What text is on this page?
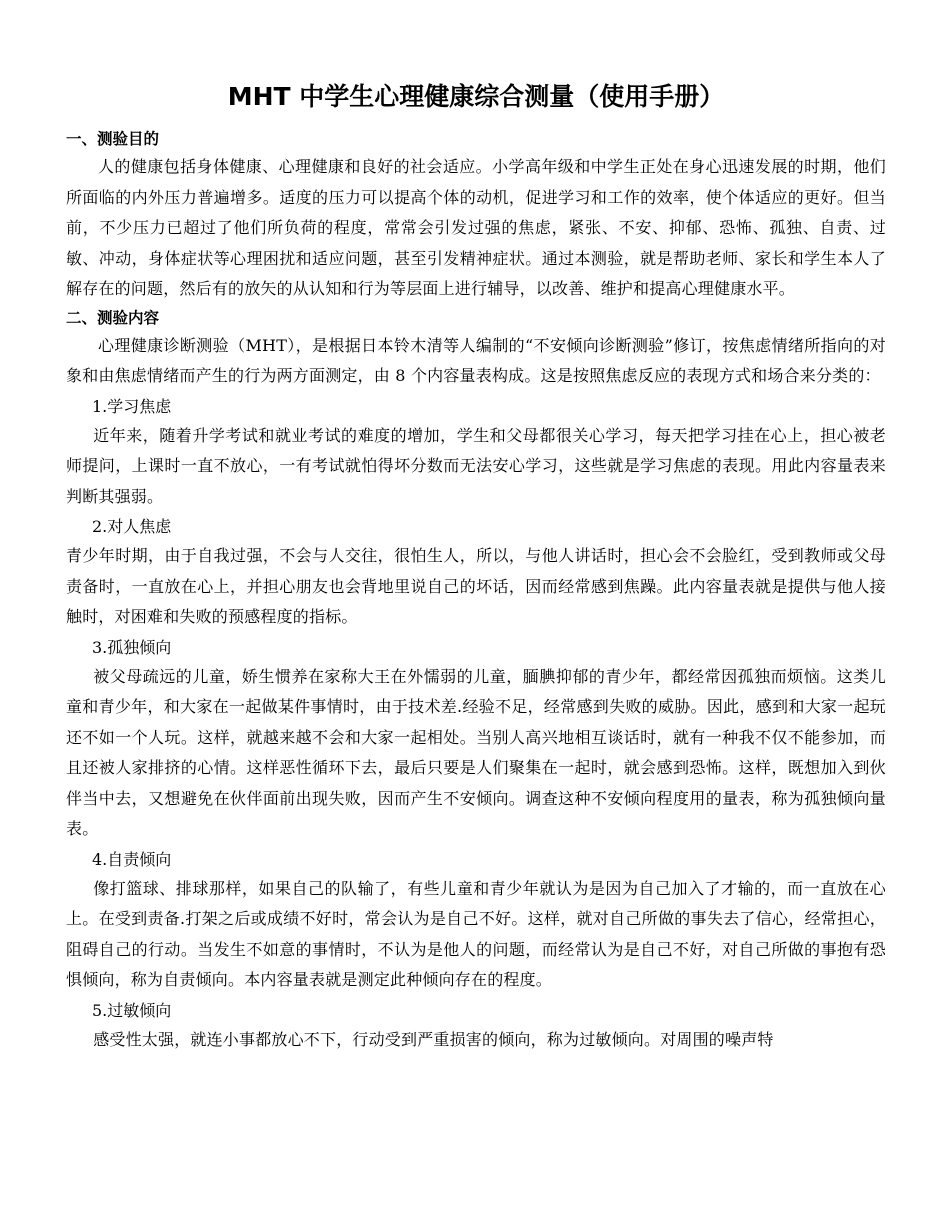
MHT 中学生心理健康综合测量（使用手册）
一、测验目的

人的健康包括身体健康、心理健康和良好的社会适应。小学高年级和中学生正处在身心迅速发展的时期，他们所面临的内外压力普遍增多。适度的压力可以提高个体的动机，促进学习和工作的效率，使个体适应的更好。但当前，不少压力已超过了他们所负荷的程度，常常会引发过强的焦虑，紧张、不安、抑郁、恐怖、孤独、自责、过敏、冲动，身体症状等心理困扰和适应问题，甚至引发精神症状。通过本测验，就是帮助老师、家长和学生本人了解存在的问题，然后有的放矢的从认知和行为等层面上进行辅导，以改善、维护和提高心理健康水平。

二、测验内容

心理健康诊断测验（MHT），是根据日本铃木清等人编制的“不安倾向诊断测验”修订，按焦虑情绪所指向的对象和由焦虑情绪而产生的行为两方面测定，由 8 个内容量表构成。这是按照焦虑反应的表现方式和场合来分类的：

1.学习焦虑

近年来，随着升学考试和就业考试的难度的增加，学生和父母都很关心学习，每天把学习挂在心上，担心被老师提问，上课时一直不放心，一有考试就怕得坏分数而无法安心学习，这些就是学习焦虑的表现。用此内容量表来判断其强弱。

2.对人焦虑

青少年时期，由于自我过强，不会与人交往，很怕生人，所以，与他人讲话时，担心会不会脸红，受到教师或父母责备时，一直放在心上，并担心朋友也会背地里说自己的坏话，因而经常感到焦躁。此内容量表就是提供与他人接触时，对困难和失败的预感程度的指标。

3.孤独倾向

被父母疏远的儿童，娇生惯养在家称大王在外懦弱的儿童，腼腆抑郁的青少年，都经常因孤独而烦恼。这类儿童和青少年，和大家在一起做某件事情时，由于技术差.经验不足，经常感到失败的威胁。因此，感到和大家一起玩还不如一个人玩。这样，就越来越不会和大家一起相处。当别人高兴地相互谈话时，就有一种我不仅不能参加，而且还被人家排挤的心情。这样恶性循环下去，最后只要是人们聚集在一起时，就会感到恐怖。这样，既想加入到伙伴当中去，又想避免在伙伴面前出现失败，因而产生不安倾向。调查这种不安倾向程度用的量表，称为孤独倾向量表。

4.自责倾向

像打篮球、排球那样，如果自己的队输了，有些儿童和青少年就认为是因为自己加入了才输的，而一直放在心上。在受到责备.打架之后或成绩不好时，常会认为是自己不好。这样，就对自己所做的事失去了信心，经常担心，阻碍自己的行动。当发生不如意的事情时，不认为是他人的问题，而经常认为是自己不好，对自己所做的事抱有恐惧倾向，称为自责倾向。本内容量表就是测定此种倾向存在的程度。

5.过敏倾向

感受性太强，就连小事都放心不下，行动受到严重损害的倾向，称为过敏倾向。对周围的噪声特
